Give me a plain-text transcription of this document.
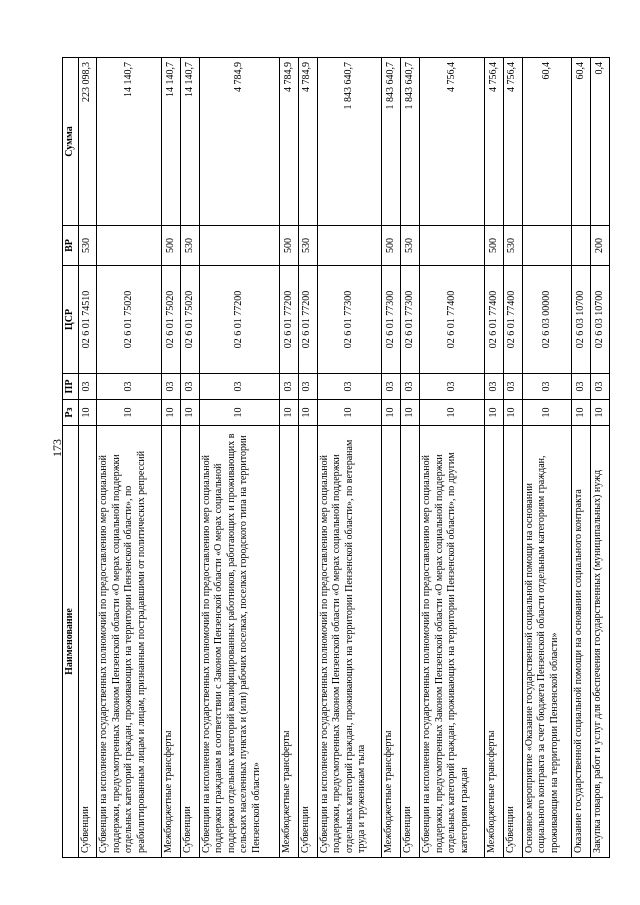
173
Наименование	Рз	ПР	ЦСР	ВР	Сумма
Субвенции	10	03	02 6 01 74510	530	223 098,3
Субвенции на исполнение государственных полномочий по предоставлению мер социальной поддержки, предусмотренных Законом Пензенской области «О мерах социальной поддержки отдельных категорий граждан, проживающих на территории Пензенской области», по реабилитированным лицам и лицам, признанным пострадавшими от политических репрессий	10	03	02 6 01 75020		14 140,7
Межбюджетные трансферты	10	03	02 6 01 75020	500	14 140,7
Субвенции	10	03	02 6 01 75020	530	14 140,7
Субвенции на исполнение государственных полномочий по предоставлению мер социальной поддержки гражданам в соответствии с Законом Пензенской области «О мерах социальной поддержки отдельных категорий квалифицированных работников, работающих и проживающих в сельских населенных пунктах и (или) рабочих поселках, поселках городского типа на территории Пензенской области»	10	03	02 6 01 77200		4 784,9
Межбюджетные трансферты	10	03	02 6 01 77200	500	4 784,9
Субвенции	10	03	02 6 01 77200	530	4 784,9
Субвенции на исполнение государственных полномочий по предоставлению мер социальной поддержки, предусмотренных Законом Пензенской области «О мерах социальной поддержки отдельных категорий граждан, проживающих на территории Пензенской области», по ветеранам труда и труженикам тыла	10	03	02 6 01 77300		1 843 640,7
Межбюджетные трансферты	10	03	02 6 01 77300	500	1 843 640,7
Субвенции	10	03	02 6 01 77300	530	1 843 640,7
Субвенции на исполнение государственных полномочий по предоставлению мер социальной поддержки, предусмотренных Законом Пензенской области «О мерах социальной поддержки отдельных категорий граждан, проживающих на территории Пензенской области», по другим категориям граждан	10	03	02 6 01 77400		4 756,4
Межбюджетные трансферты	10	03	02 6 01 77400	500	4 756,4
Субвенции	10	03	02 6 01 77400	530	4 756,4
Основное мероприятие «Оказание государственной социальной помощи на основании социального контракта за счет бюджета Пензенской области отдельным категориям граждан, проживающим на территории Пензенской области»	10	03	02 6 03 00000		60,4
Оказание государственной социальной помощи на основании социального контракта	10	03	02 6 03 10700		60,4
Закупка товаров, работ и услуг для обеспечения государственных (муниципальных) нужд	10	03	02 6 03 10700	200	0,4
